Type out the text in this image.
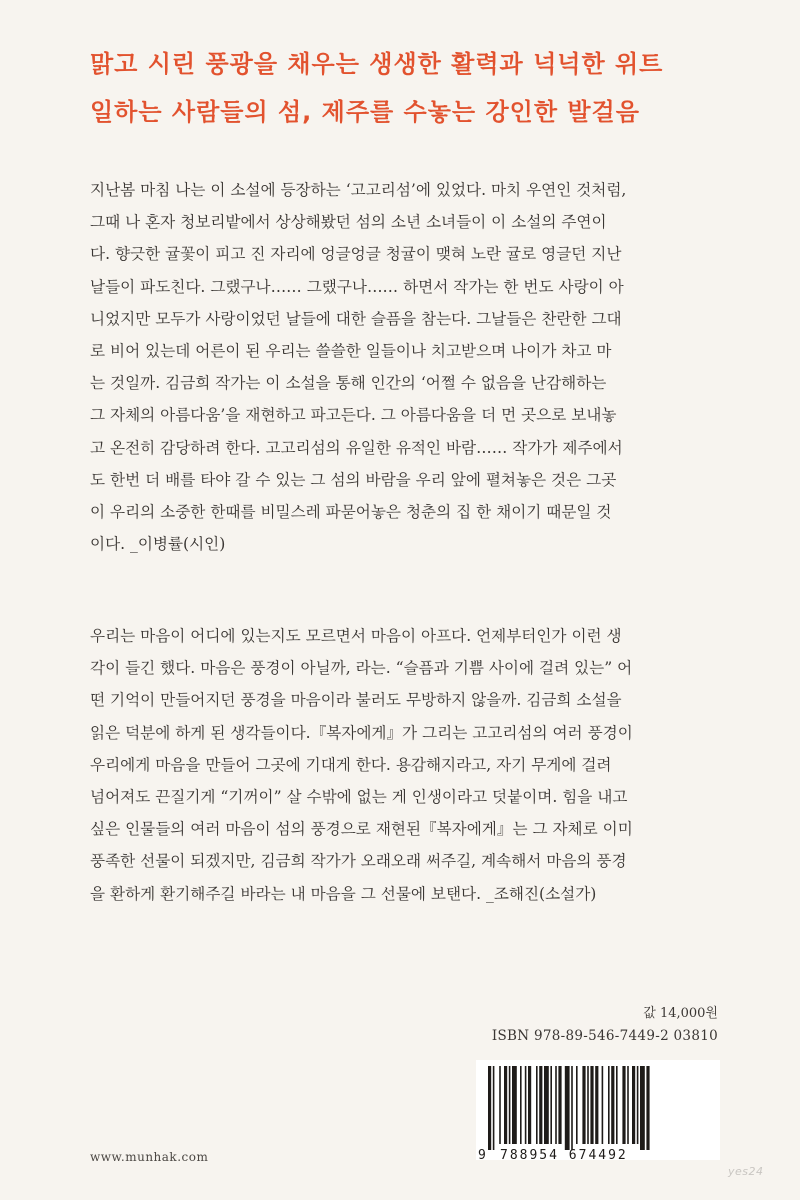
맑고 시린 풍광을 채우는 생생한 활력과 넉넉한 위트
일하는 사람들의 섬, 제주를 수놓는 강인한 발걸음
지난봄 마침 나는 이 소설에 등장하는 ‘고고리섬’에 있었다. 마치 우연인 것처럼,
그때 나 혼자 청보리밭에서 상상해봤던 섬의 소년 소녀들이 이 소설의 주연이
다. 향긋한 귤꽃이 피고 진 자리에 엉글엉글 청귤이 맺혀 노란 귤로 영글던 지난
날들이 파도친다. 그랬구나…… 그랬구나…… 하면서 작가는 한 번도 사랑이 아
니었지만 모두가 사랑이었던 날들에 대한 슬픔을 참는다. 그날들은 찬란한 그대
로 비어 있는데 어른이 된 우리는 쓸쓸한 일들이나 치고받으며 나이가 차고 마
는 것일까. 김금희 작가는 이 소설을 통해 인간의 ‘어쩔 수 없음을 난감해하는
그 자체의 아름다움’을 재현하고 파고든다. 그 아름다움을 더 먼 곳으로 보내놓
고 온전히 감당하려 한다. 고고리섬의 유일한 유적인 바람…… 작가가 제주에서
도 한번 더 배를 타야 갈 수 있는 그 섬의 바람을 우리 앞에 펼쳐놓은 것은 그곳
이 우리의 소중한 한때를 비밀스레 파묻어놓은 청춘의 집 한 채이기 때문일 것
이다. _이병률(시인)
우리는 마음이 어디에 있는지도 모르면서 마음이 아프다. 언제부터인가 이런 생
각이 들긴 했다. 마음은 풍경이 아닐까, 라는. “슬픔과 기쁨 사이에 걸려 있는” 어
떤 기억이 만들어지던 풍경을 마음이라 불러도 무방하지 않을까. 김금희 소설을
읽은 덕분에 하게 된 생각들이다.『복자에게』가 그리는 고고리섬의 여러 풍경이
우리에게 마음을 만들어 그곳에 기대게 한다. 용감해지라고, 자기 무게에 걸려
넘어져도 끈질기게 “기꺼이” 살 수밖에 없는 게 인생이라고 덧붙이며. 힘을 내고
싶은 인물들의 여러 마음이 섬의 풍경으로 재현된『복자에게』는 그 자체로 이미
풍족한 선물이 되겠지만, 김금희 작가가 오래오래 써주길, 계속해서 마음의 풍경
을 환하게 환기해주길 바라는 내 마음을 그 선물에 보탠다. _조해진(소설가)
값 14,000원
ISBN 978-89-546-7449-2 03810
9 788954 674492
www.munhak.com
yes24
